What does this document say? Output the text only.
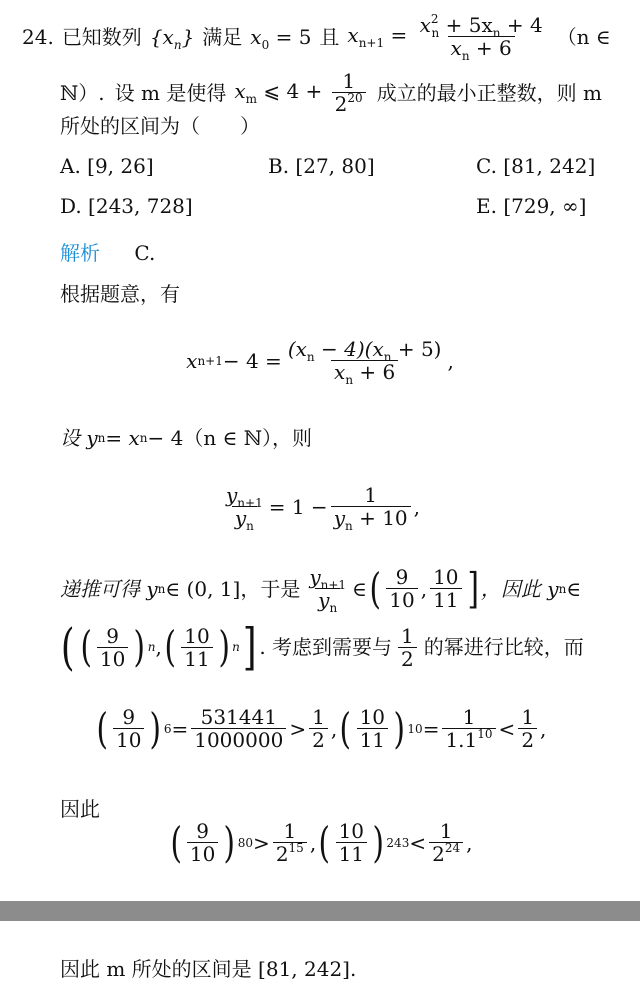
24. 已知数列 $\{x_n\}$ 满足 $x_0 = 5$ 且 $x_{n+1} = \frac{x^2_n + 5x_n + 4}{x_n + 6} (n$ ∈
ℕ）. 设 m 是使得 $x_m$ ⩽ $4 + \frac{1}{2^{20}}$ 成立的最小正整数，则 m
所处的区间为（　　）
A. [9, 26]	B. [27, 80]	C. [81, 242]
D. [243, 728]	E. [729, ∞]
解析 C.
根据题意，有
x $n+1 - 4 = \frac{(x_n - 4)(x_n + 5)}{x_n + 6}$ ,
设 y n = x n − 4（n ∈ ℕ），则
$\frac{y_{n+1}}{y_n} = 1 - \frac{1}{y_n + 10}$ ,
递推可得 y n ∈ (0, 1]，于是 $\frac{y_{n+1}}{y_n}$ ∈ ( $\frac{9}{10}$ , $\frac{10}{11}$ ] ，因此 y n ∈
( ( $\frac{9}{10}$ ) n , ( $\frac{10}{11}$ ) n ] . 考虑到需要与 $\frac{1}{2}$ 的幂进行比较，而
( $\frac{9}{10}$ ) $6 = \frac{531441}{1000000} > \frac{1}{2}$ , ( $\frac{10}{11}$ ) $10 = \frac{1}{1.1^{10}} < \frac{1}{2}$ ,
因此
( $\frac{9}{10}$ ) $80 > \frac{1}{2^{15}}$ , ( $\frac{10}{11}$ ) $243 < \frac{1}{2^{24}}$ ,
因此 m 所处的区间是 [81, 242].
